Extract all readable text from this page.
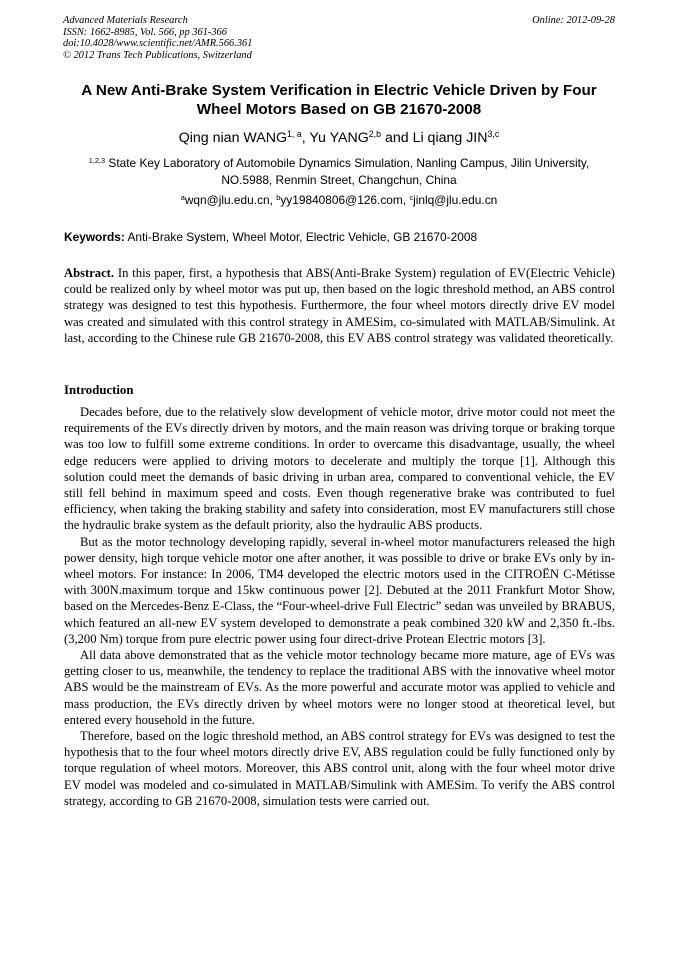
Advanced Materials Research
ISSN: 1662-8985, Vol. 566, pp 361-366
doi:10.4028/www.scientific.net/AMR.566.361
© 2012 Trans Tech Publications, Switzerland
Online: 2012-09-28
A New Anti-Brake System Verification in Electric Vehicle Driven by Four Wheel Motors Based on GB 21670-2008
Qing nian WANG$^{1, a}$, Yu YANG$^{2,b}$ and Li qiang JIN$^{3,c}$
$^{1,2,3}$ State Key Laboratory of Automobile Dynamics Simulation, Nanling Campus, Jilin University, NO.5988, Renmin Street, Changchun, China
$^a$wqn@jlu.edu.cn, $^b$yy19840806@126.com, $^c$jinlq@jlu.edu.cn
Keywords: Anti-Brake System, Wheel Motor, Electric Vehicle, GB 21670-2008
Abstract. In this paper, first, a hypothesis that ABS(Anti-Brake System) regulation of EV(Electric Vehicle) could be realized only by wheel motor was put up, then based on the logic threshold method, an ABS control strategy was designed to test this hypothesis. Furthermore, the four wheel motors directly drive EV model was created and simulated with this control strategy in AMESim, co-simulated with MATLAB/Simulink. At last, according to the Chinese rule GB 21670-2008, this EV ABS control strategy was validated theoretically.
Introduction

Decades before, due to the relatively slow development of vehicle motor, drive motor could not meet the requirements of the EVs directly driven by motors, and the main reason was driving torque or braking torque was too low to fulfill some extreme conditions. In order to overcame this disadvantage, usually, the wheel edge reducers were applied to driving motors to decelerate and multiply the torque [1]. Although this solution could meet the demands of basic driving in urban area, compared to conventional vehicle, the EV still fell behind in maximum speed and costs. Even though regenerative brake was contributed to fuel efficiency, when taking the braking stability and safety into consideration, most EV manufacturers still chose the hydraulic brake system as the default priority, also the hydraulic ABS products.

But as the motor technology developing rapidly, several in-wheel motor manufacturers released the high power density, high torque vehicle motor one after another, it was possible to drive or brake EVs only by in-wheel motors. For instance: In 2006, TM4 developed the electric motors used in the CITROËN C-Métisse with 300N.maximum torque and 15kw continuous power [2]. Debuted at the 2011 Frankfurt Motor Show, based on the Mercedes-Benz E-Class, the “Four-wheel-drive Full Electric” sedan was unveiled by BRABUS, which featured an all-new EV system developed to demonstrate a peak combined 320 kW and 2,350 ft.-lbs. (3,200 Nm) torque from pure electric power using four direct-drive Protean Electric motors [3].

All data above demonstrated that as the vehicle motor technology became more mature, age of EVs was getting closer to us, meanwhile, the tendency to replace the traditional ABS with the innovative wheel motor ABS would be the mainstream of EVs. As the more powerful and accurate motor was applied to vehicle and mass production, the EVs directly driven by wheel motors were no longer stood at theoretical level, but entered every household in the future.

Therefore, based on the logic threshold method, an ABS control strategy for EVs was designed to test the hypothesis that to the four wheel motors directly drive EV, ABS regulation could be fully functioned only by torque regulation of wheel motors. Moreover, this ABS control unit, along with the four wheel motor drive EV model was modeled and co-simulated in MATLAB/Simulink with AMESim. To verify the ABS control strategy, according to GB 21670-2008, simulation tests were carried out.
